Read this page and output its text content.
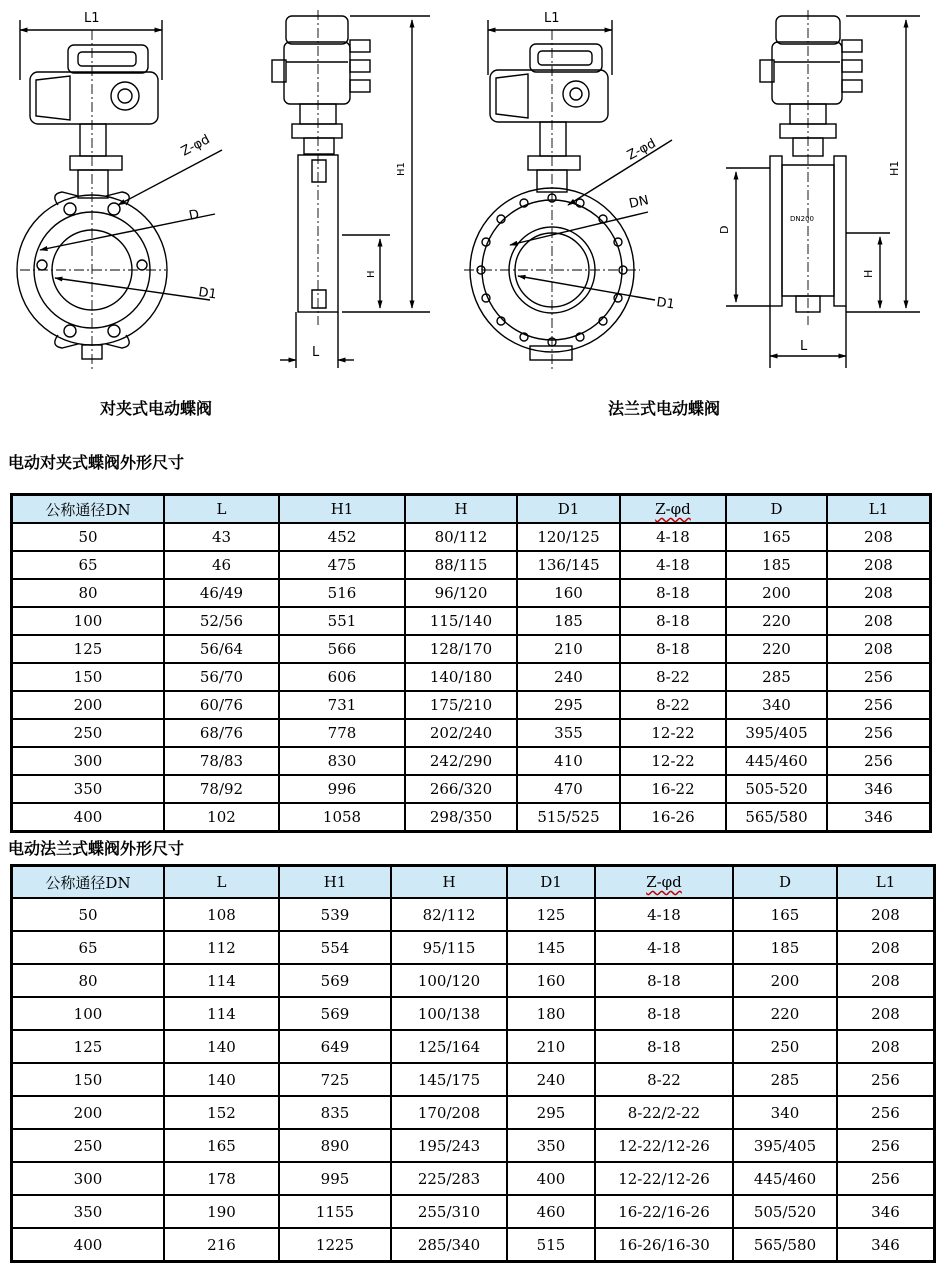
L1
Z-φd
D
D1
L
H1
H
L1
Z-φd
DN
D1
DN200
D
H1
H
L
对夹式电动蝶阀	法兰式电动蝶阀
电动对夹式蝶阀外形尺寸
公称通径DN	L	H1	H	D1	Z-φd	D	L1
50	43	452	80/112	120/125	4-18	165	208
65	46	475	88/115	136/145	4-18	185	208
80	46/49	516	96/120	160	8-18	200	208
100	52/56	551	115/140	185	8-18	220	208
125	56/64	566	128/170	210	8-18	220	208
150	56/70	606	140/180	240	8-22	285	256
200	60/76	731	175/210	295	8-22	340	256
250	68/76	778	202/240	355	12-22	395/405	256
300	78/83	830	242/290	410	12-22	445/460	256
350	78/92	996	266/320	470	16-22	505-520	346
400	102	1058	298/350	515/525	16-26	565/580	346
电动法兰式蝶阀外形尺寸
公称通径DN	L	H1	H	D1	Z-φd	D	L1
50	108	539	82/112	125	4-18	165	208
65	112	554	95/115	145	4-18	185	208
80	114	569	100/120	160	8-18	200	208
100	114	569	100/138	180	8-18	220	208
125	140	649	125/164	210	8-18	250	208
150	140	725	145/175	240	8-22	285	256
200	152	835	170/208	295	8-22/2-22	340	256
250	165	890	195/243	350	12-22/12-26	395/405	256
300	178	995	225/283	400	12-22/12-26	445/460	256
350	190	1155	255/310	460	16-22/16-26	505/520	346
400	216	1225	285/340	515	16-26/16-30	565/580	346
